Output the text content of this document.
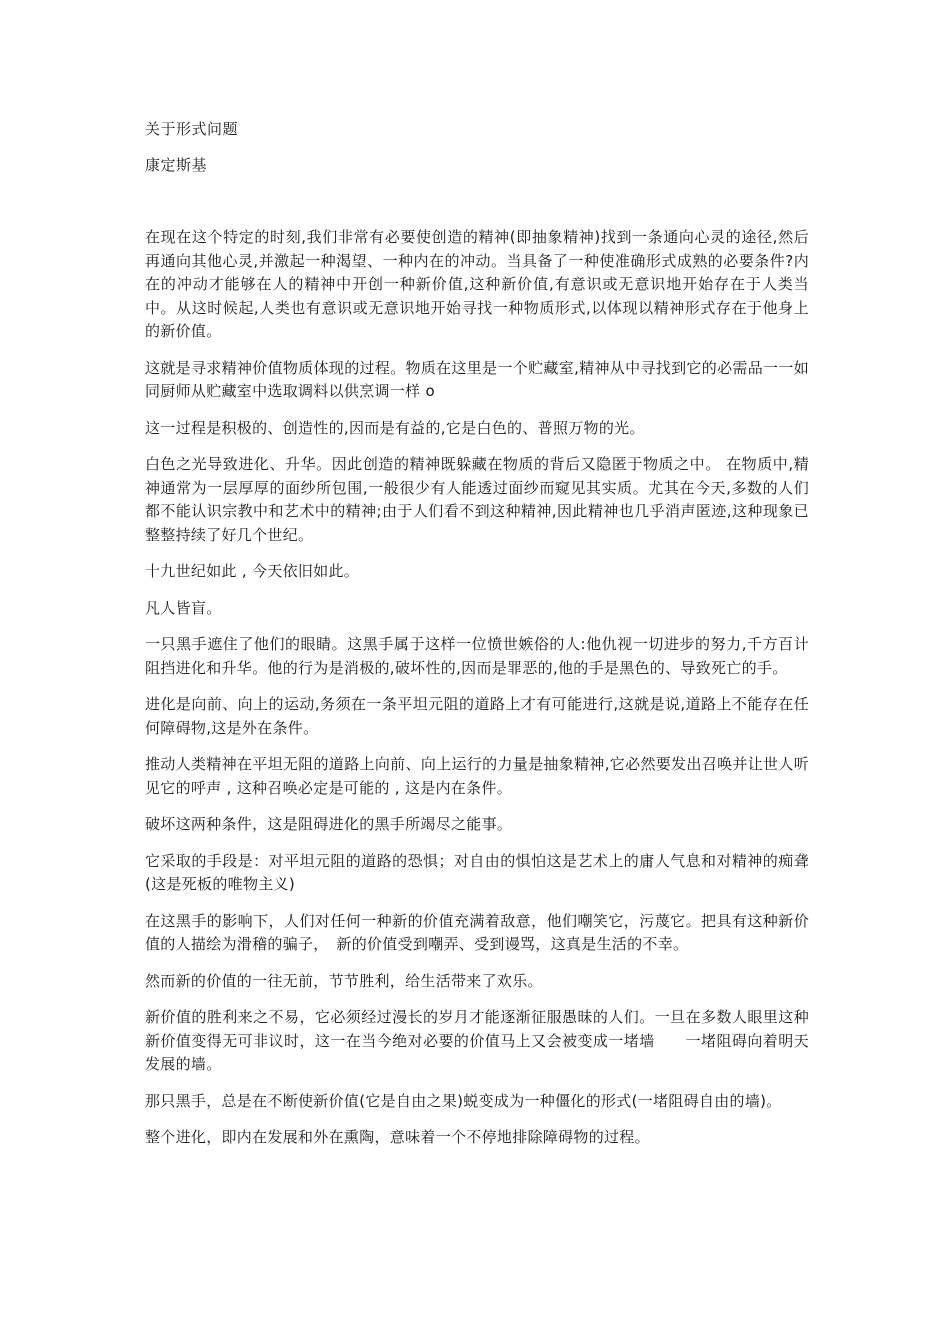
关于形式问题
康定斯基

在现在这个特定的时刻,我们非常有必要使创造的精神(即抽象精神)找到一条通向心灵的途径,然后再通向其他心灵,并激起一种渴望、一种内在的冲动。当具备了一种使准确形式成熟的必要条件?内在的冲动才能够在人的精神中开创一种新价值,这种新价值,有意识或无意识地开始存在于人类当中。从这时候起,人类也有意识或无意识地开始寻找一种物质形式,以体现以精神形式存在于他身上的新价值。

这就是寻求精神价值物质体现的过程。物质在这里是一个贮藏室,精神从中寻找到它的必需品一一如同厨师从贮藏室中选取调料以供烹调一样 o

这一过程是积极的、创造性的,因而是有益的,它是白色的、普照万物的光。

白色之光导致进化、升华。因此创造的精神既躲藏在物质的背后又隐匿于物质之中。 在物质中,精神通常为一层厚厚的面纱所包围,一般很少有人能透过面纱而窥见其实质。尤其在今天,多数的人们都不能认识宗教中和艺术中的精神;由于人们看不到这种精神,因此精神也几乎消声匿迹,这种现象已整整持续了好几个世纪。

十九世纪如此 , 今天依旧如此。

凡人皆盲。

一只黑手遮住了他们的眼睛。这黑手属于这样一位愤世嫉俗的人:他仇视一切进步的努力,千方百计阻挡进化和升华。他的行为是消极的,破坏性的,因而是罪恶的,他的手是黑色的、导致死亡的手。

进化是向前、向上的运动,务须在一条平坦元阻的道路上才有可能进行,这就是说,道路上不能存在任何障碍物,这是外在条件。

推动人类精神在平坦无阻的道路上向前、向上运行的力量是抽象精神,它必然要发出召唤并让世人听见它的呼声 , 这种召唤必定是可能的 , 这是内在条件。

破坏这两种条件，这是阻碍进化的黑手所竭尽之能事。

它采取的手段是：对平坦元阻的道路的恐惧；对自由的惧怕这是艺术上的庸人气息和对精神的痴聋(这是死板的唯物主义)

在这黑手的影响下，人们对任何一种新的价值充满着敌意，他们嘲笑它，污蔑它。把具有这种新价值的人描绘为滑稽的骗子，　新的价值受到嘲弄、受到谩骂，这真是生活的不幸。

然而新的价值的一往无前，节节胜利，给生活带来了欢乐。

新价值的胜利来之不易，它必须经过漫长的岁月才能逐渐征服愚昧的人们。一旦在多数人眼里这种新价值变得无可非议时，这一在当今绝对必要的价值马上又会被变成一堵墙　　一堵阻碍向着明天发展的墙。

那只黑手，总是在不断使新价值(它是自由之果)蜕变成为一种僵化的形式(一堵阻碍自由的墙)。

整个进化，即内在发展和外在熏陶，意味着一个不停地排除障碍物的过程。
